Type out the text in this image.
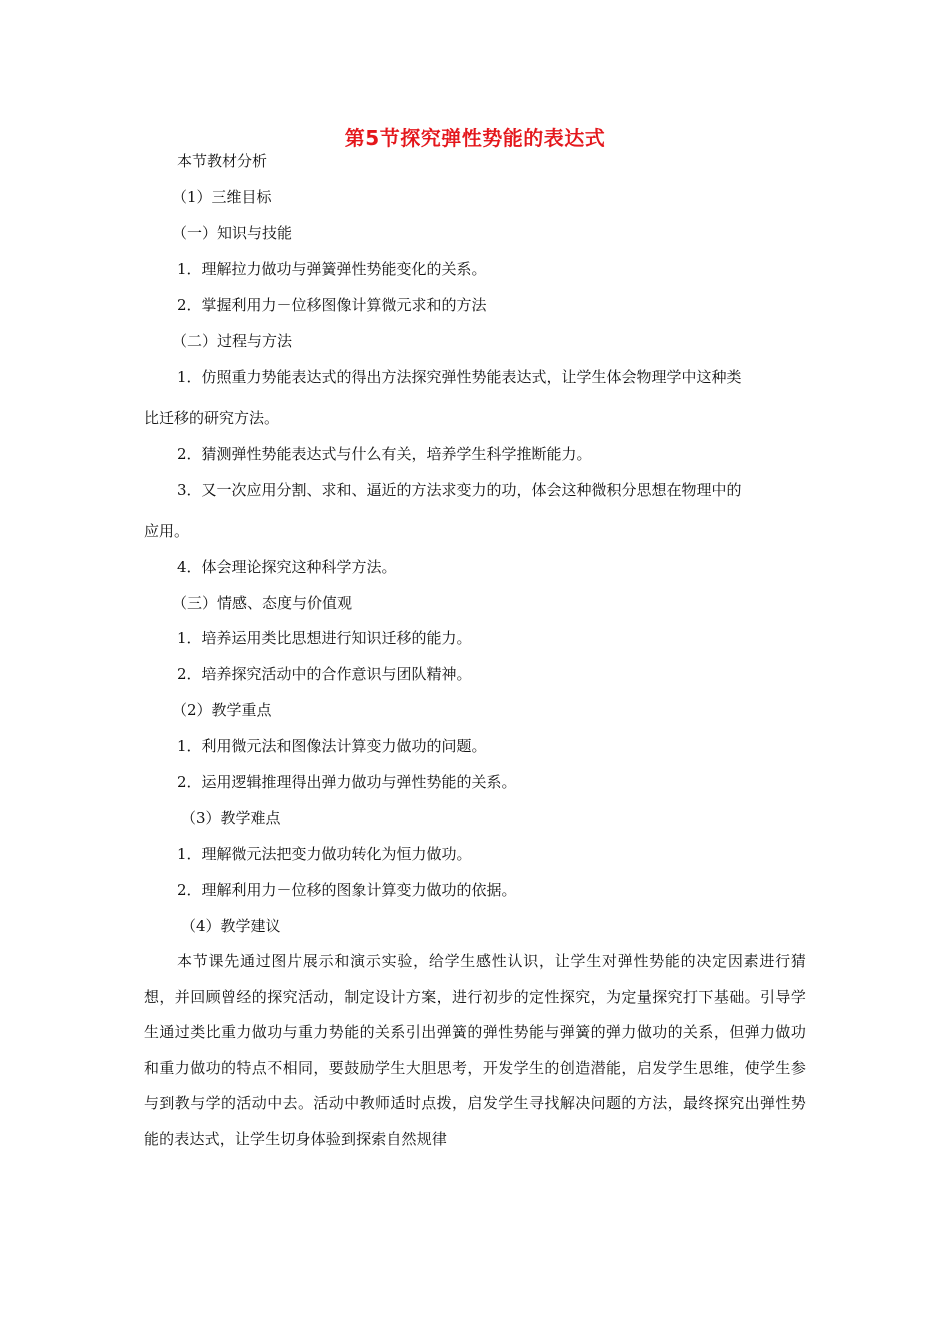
第5节探究弹性势能的表达式
本节教材分析
（1）三维目标
（一）知识与技能
1．理解拉力做功与弹簧弹性势能变化的关系。
2．掌握利用力－位移图像计算微元求和的方法
（二）过程与方法
1．仿照重力势能表达式的得出方法探究弹性势能表达式，让学生体会物理学中这种类
比迁移的研究方法。
2．猜测弹性势能表达式与什么有关，培养学生科学推断能力。
3．又一次应用分割、求和、逼近的方法求变力的功，体会这种微积分思想在物理中的
应用。
4．体会理论探究这种科学方法。
（三）情感、态度与价值观
1．培养运用类比思想进行知识迁移的能力。
2．培养探究活动中的合作意识与团队精神。
（2）教学重点
1．利用微元法和图像法计算变力做功的问题。
2．运用逻辑推理得出弹力做功与弹性势能的关系。
（3）教学难点
1．理解微元法把变力做功转化为恒力做功。
2．理解利用力－位移的图象计算变力做功的依据。
（4）教学建议
本节课先通过图片展示和演示实验，给学生感性认识，让学生对弹性势能的决定因素进行猜想，并回顾曾经的探究活动，制定设计方案，进行初步的定性探究，为定量探究打下基础。引导学生通过类比重力做功与重力势能的关系引出弹簧的弹性势能与弹簧的弹力做功的关系，但弹力做功和重力做功的特点不相同，要鼓励学生大胆思考，开发学生的创造潜能，启发学生思维，使学生参与到教与学的活动中去。活动中教师适时点拨，启发学生寻找解决问题的方法，最终探究出弹性势能的表达式，让学生切身体验到探索自然规律
